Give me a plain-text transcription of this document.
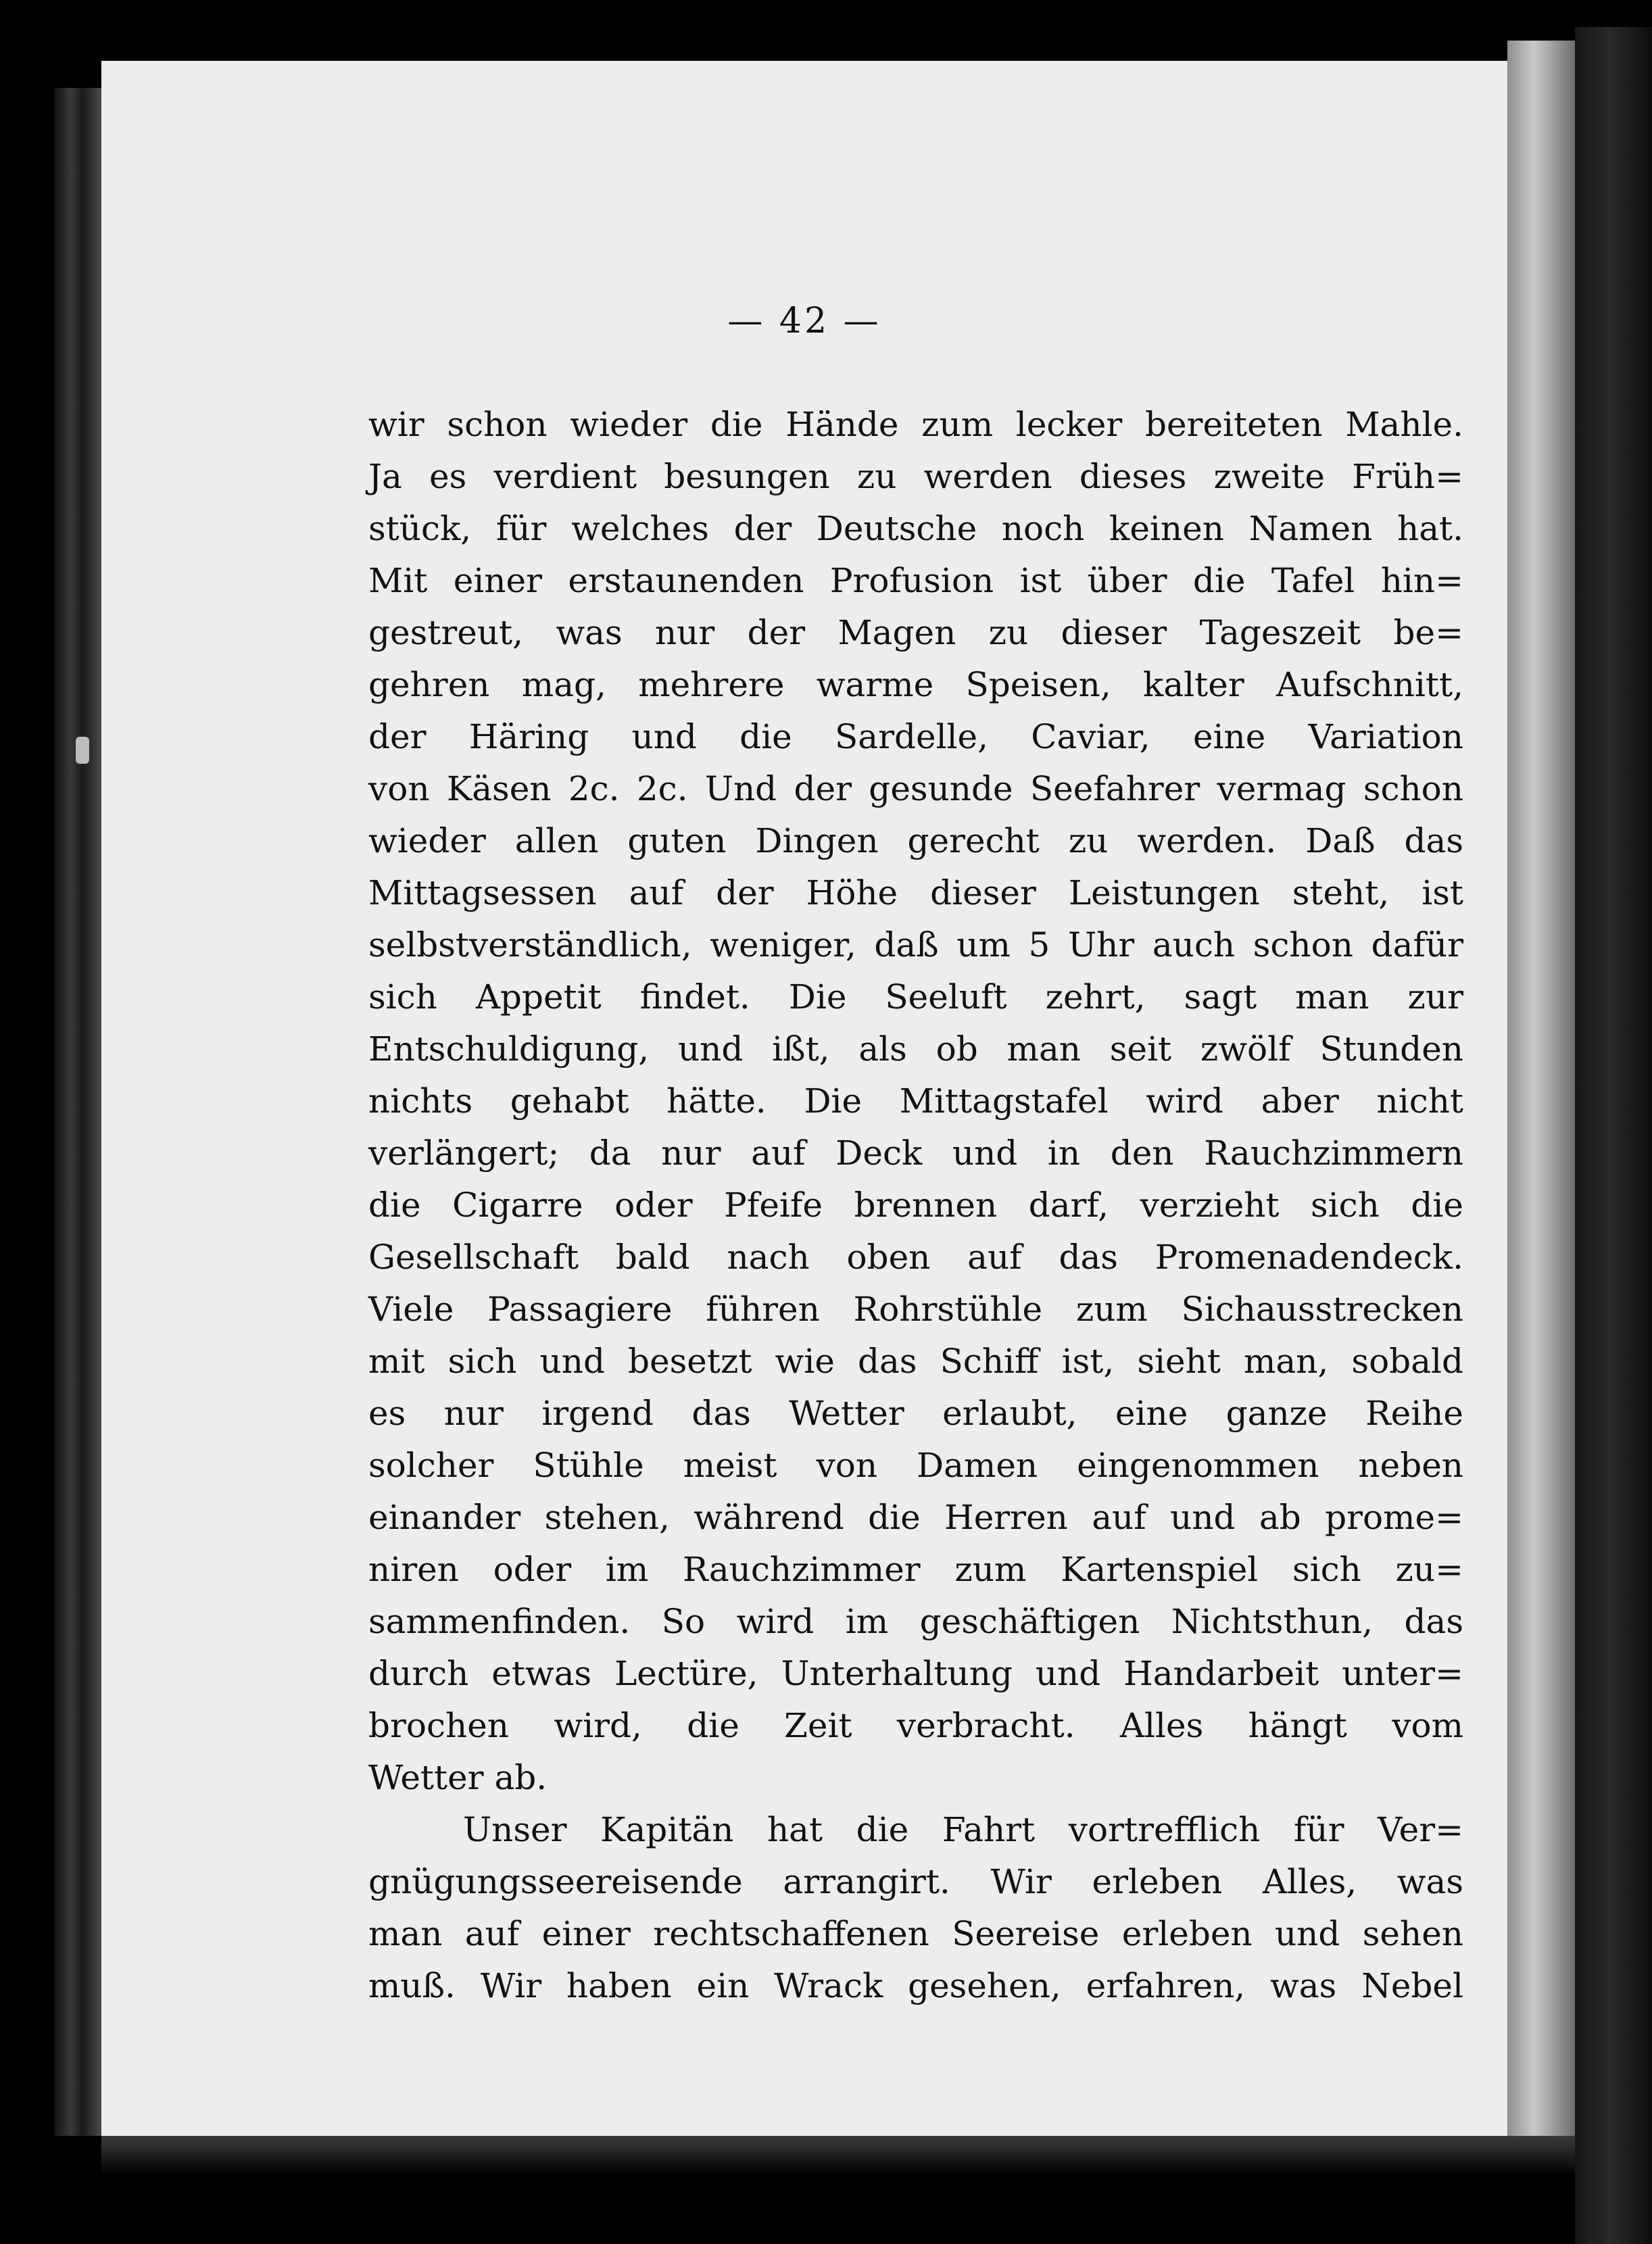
— 42 —
wir schon wieder die Hände zum lecker bereiteten Mahle.
Ja es verdient besungen zu werden dieses zweite Früh=
stück, für welches der Deutsche noch keinen Namen hat.
Mit einer erstaunenden Profusion ist über die Tafel hin=
gestreut, was nur der Magen zu dieser Tageszeit be=
gehren mag, mehrere warme Speisen, kalter Aufschnitt,
der Häring und die Sardelle, Caviar, eine Variation
von Käsen 2c. 2c. Und der gesunde Seefahrer vermag schon
wieder allen guten Dingen gerecht zu werden. Daß das
Mittagsessen auf der Höhe dieser Leistungen steht, ist
selbstverständlich, weniger, daß um 5 Uhr auch schon dafür
sich Appetit findet. Die Seeluft zehrt, sagt man zur
Entschuldigung, und ißt, als ob man seit zwölf Stunden
nichts gehabt hätte. Die Mittagstafel wird aber nicht
verlängert; da nur auf Deck und in den Rauchzimmern
die Cigarre oder Pfeife brennen darf, verzieht sich die
Gesellschaft bald nach oben auf das Promenadendeck.
Viele Passagiere führen Rohrstühle zum Sichausstrecken
mit sich und besetzt wie das Schiff ist, sieht man, sobald
es nur irgend das Wetter erlaubt, eine ganze Reihe
solcher Stühle meist von Damen eingenommen neben
einander stehen, während die Herren auf und ab prome=
niren oder im Rauchzimmer zum Kartenspiel sich zu=
sammenfinden. So wird im geschäftigen Nichtsthun, das
durch etwas Lectüre, Unterhaltung und Handarbeit unter=
brochen wird, die Zeit verbracht. Alles hängt vom
Wetter ab.
Unser Kapitän hat die Fahrt vortrefflich für Ver=
gnügungsseereisende arrangirt. Wir erleben Alles, was
man auf einer rechtschaffenen Seereise erleben und sehen
muß. Wir haben ein Wrack gesehen, erfahren, was Nebel
